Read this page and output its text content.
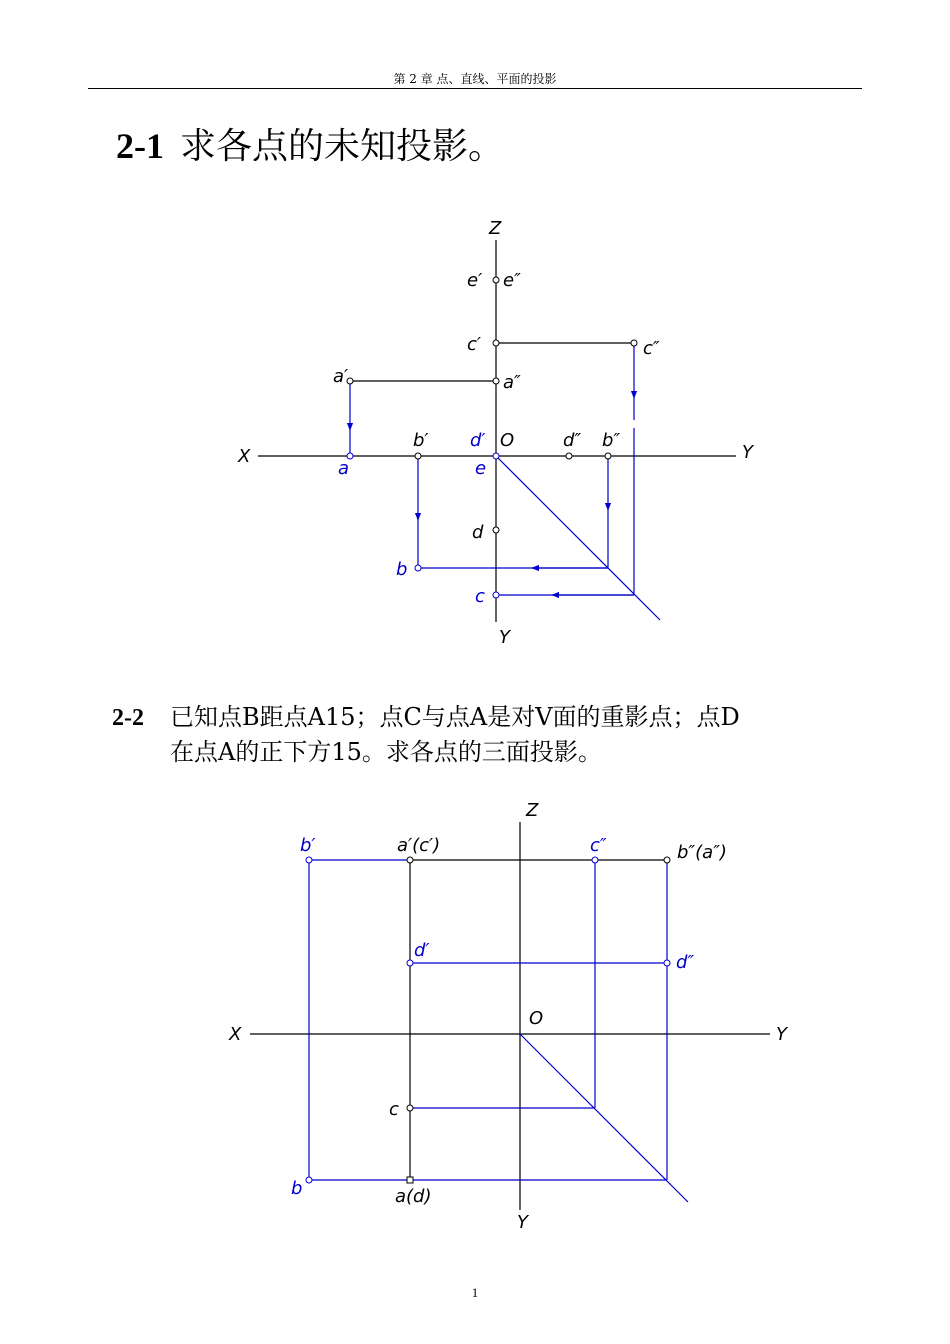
第 2 章 点、直线、平面的投影
2-1 求各点的未知投影。
Z
X	Y
Y
O
e′ e″
c′	c″
a′	a″
b′	d″ b″
d
d′
a	e
b
c
2-2 已知点B距点A15；点C与点A是对V面的重影点；点D
在点A的正下方15。求各点的三面投影。
Z
X	Y
Y
O
a′(c′)	b″(a″)
c
a(d)
b′	c″
d′
d″
b
1
